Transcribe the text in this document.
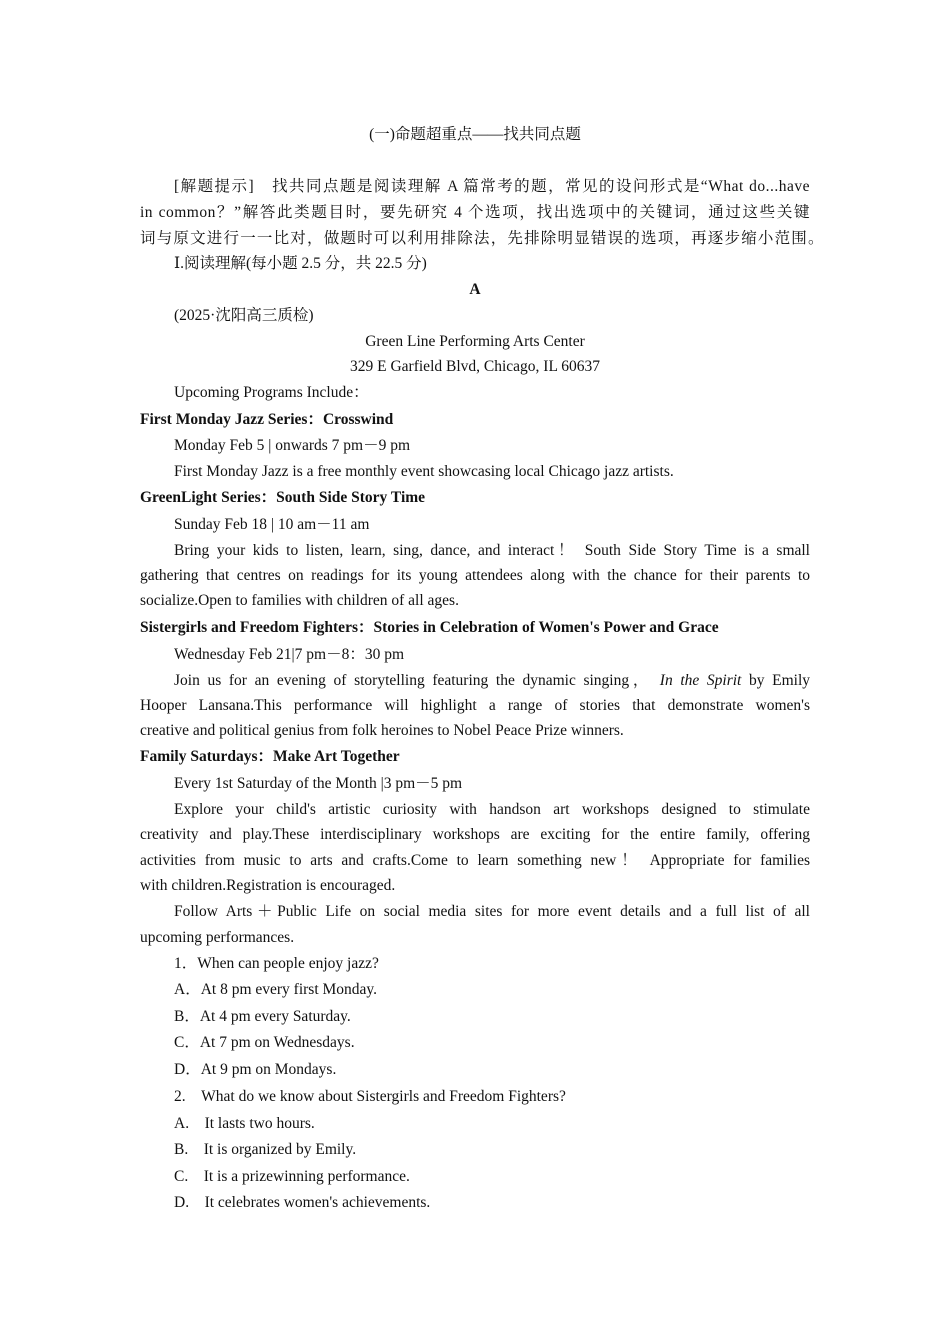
(一)命题超重点——找共同点题
[解题提示]　 找共同点题是阅读理解 A 篇常考的题，常见的设问形式是“What do...have
in common？”解答此类题目时，要先研究 4 个选项，找出选项中的关键词，通过这些关键
词与原文进行一一比对，做题时可以利用排除法，先排除明显错误的选项，再逐步缩小范围。
Ⅰ.阅读理解(每小题 2.5 分，共 22.5 分)
A
(2025·沈阳高三质检)
Green Line Performing Arts Center
329 E Garfield Blvd, Chicago, IL 60637
Upcoming Programs Include：
First Monday Jazz Series：Crosswind
Monday Feb 5 | onwards 7 pm－9 pm
First Monday Jazz is a free monthly event showcasing local Chicago jazz artists.
GreenLight Series：South Side Story Time
Sunday Feb 18 | 10 am－11 am
Bring your kids to listen, learn, sing, dance, and interact！ South Side Story Time is a small
gathering that centres on readings for its young attendees along with the chance for their parents to
socialize.Open to families with children of all ages.
Sistergirls and Freedom Fighters：Stories in Celebration of Women's Power and Grace
Wednesday Feb 21|7 pm－8：30 pm
Join us for an evening of storytelling featuring the dynamic singing， In the Spirit by Emily
Hooper Lansana.This performance will highlight a range of stories that demonstrate women's
creative and political genius from folk heroines to Nobel Peace Prize winners.
Family Saturdays：Make Art Together
Every 1st Saturday of the Month |3 pm－5 pm
Explore your child's artistic curiosity with handson art workshops designed to stimulate
creativity and play.These interdisciplinary workshops are exciting for the entire family, offering
activities from music to arts and crafts.Come to learn something new！ Appropriate for families
with children.Registration is encouraged.
Follow Arts＋Public Life on social media sites for more event details and a full list of all
upcoming performances.
1．When can people enjoy jazz?
A．At 8 pm every first Monday.
B．At 4 pm every Saturday.
C．At 7 pm on Wednesdays.
D．At 9 pm on Mondays.
2.　What do we know about Sistergirls and Freedom Fighters?
A.　It lasts two hours.
B.　It is organized by Emily.
C.　It is a prizewinning performance.
D.　It celebrates women's achievements.
